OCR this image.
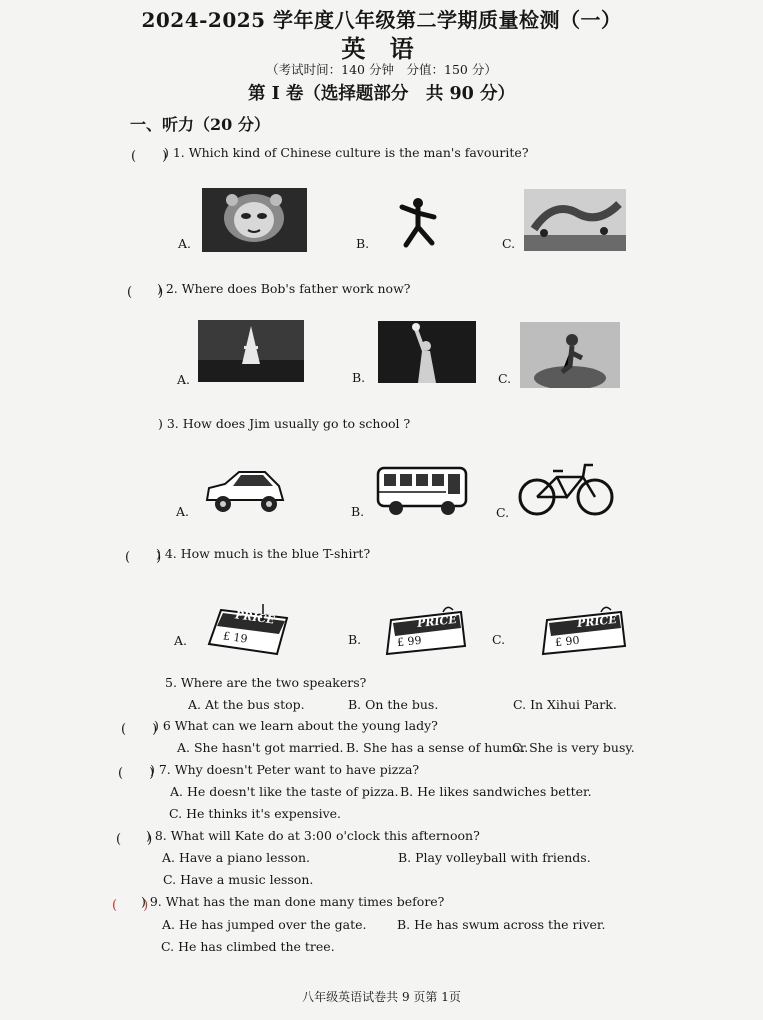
2024-2025 学年度八年级第二学期质量检测（一）
英 语
（考试时间：140 分钟　分值：150 分）
第 I 卷（选择题部分　共 90 分）
一、听力（20 分）
(　　)
) 1. Which kind of Chinese culture is the man's favourite?
A.	B.	C.
(　　)
) 2. Where does Bob's father work now?
A.	B.	C.
) 3. How does Jim usually go to school ?
A.	B.	C.
(　　)
) 4. How much is the blue T-shirt?
PRICE
£ 19
PRICE
£ 99
PRICE
£ 90
A.	B.	C.
5. Where are the two speakers?
A. At the bus stop.	B. On the bus.	C. In Xihui Park.
(　　)
) 6 What can we learn about the young lady?
A. She hasn't got married. B. She has a sense of humor.
C. She is very busy.
(　　)
) 7. Why doesn't Peter want to have pizza?
A. He doesn't like the taste of pizza. B. He likes sandwiches better.
C. He thinks it's expensive.
(　　)
) 8. What will Kate do at 3:00 o'clock this afternoon?
A. Have a piano lesson.	B. Play volleyball with friends.
C. Have a music lesson.
(　　)
) 9. What has the man done many times before?
A. He has jumped over the gate. B. He has swum across the river.
C. He has climbed the tree.
八年级英语试卷共 9 页第 1页
